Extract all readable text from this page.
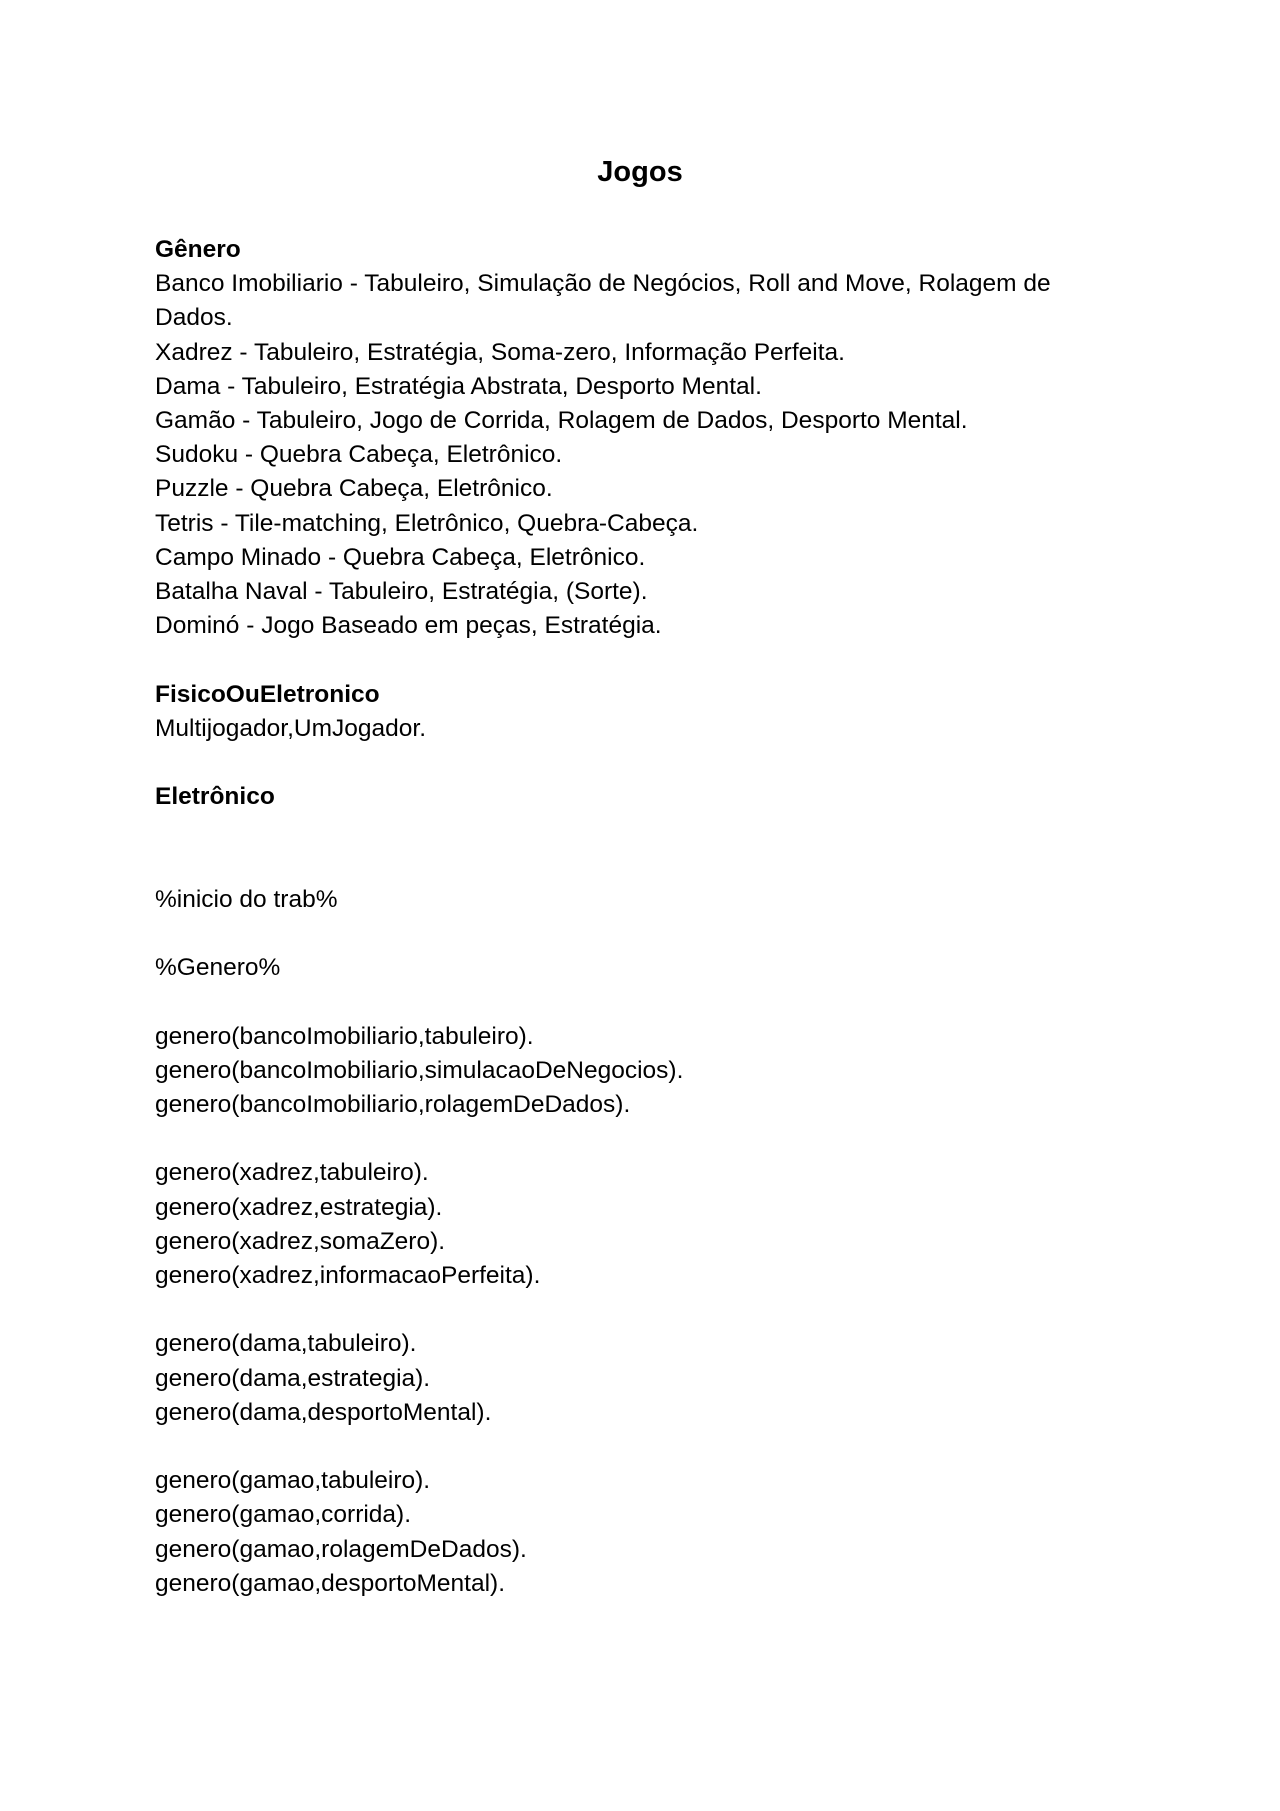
Jogos
Gênero
Banco Imobiliario - Tabuleiro, Simulação de Negócios, Roll and Move, Rolagem de
Dados.
Xadrez - Tabuleiro, Estratégia, Soma-zero, Informação Perfeita.
Dama - Tabuleiro, Estratégia Abstrata, Desporto Mental.
Gamão - Tabuleiro, Jogo de Corrida, Rolagem de Dados, Desporto Mental.
Sudoku - Quebra Cabeça, Eletrônico.
Puzzle - Quebra Cabeça, Eletrônico.
Tetris - Tile-matching, Eletrônico, Quebra-Cabeça.
Campo Minado - Quebra Cabeça, Eletrônico.
Batalha Naval - Tabuleiro, Estratégia, (Sorte).
Dominó - Jogo Baseado em peças, Estratégia.
FisicoOuEletronico
Multijogador,UmJogador.
Eletrônico
%inicio do trab%
%Genero%
genero(bancoImobiliario,tabuleiro).
genero(bancoImobiliario,simulacaoDeNegocios).
genero(bancoImobiliario,rolagemDeDados).
genero(xadrez,tabuleiro).
genero(xadrez,estrategia).
genero(xadrez,somaZero).
genero(xadrez,informacaoPerfeita).
genero(dama,tabuleiro).
genero(dama,estrategia).
genero(dama,desportoMental).
genero(gamao,tabuleiro).
genero(gamao,corrida).
genero(gamao,rolagemDeDados).
genero(gamao,desportoMental).
